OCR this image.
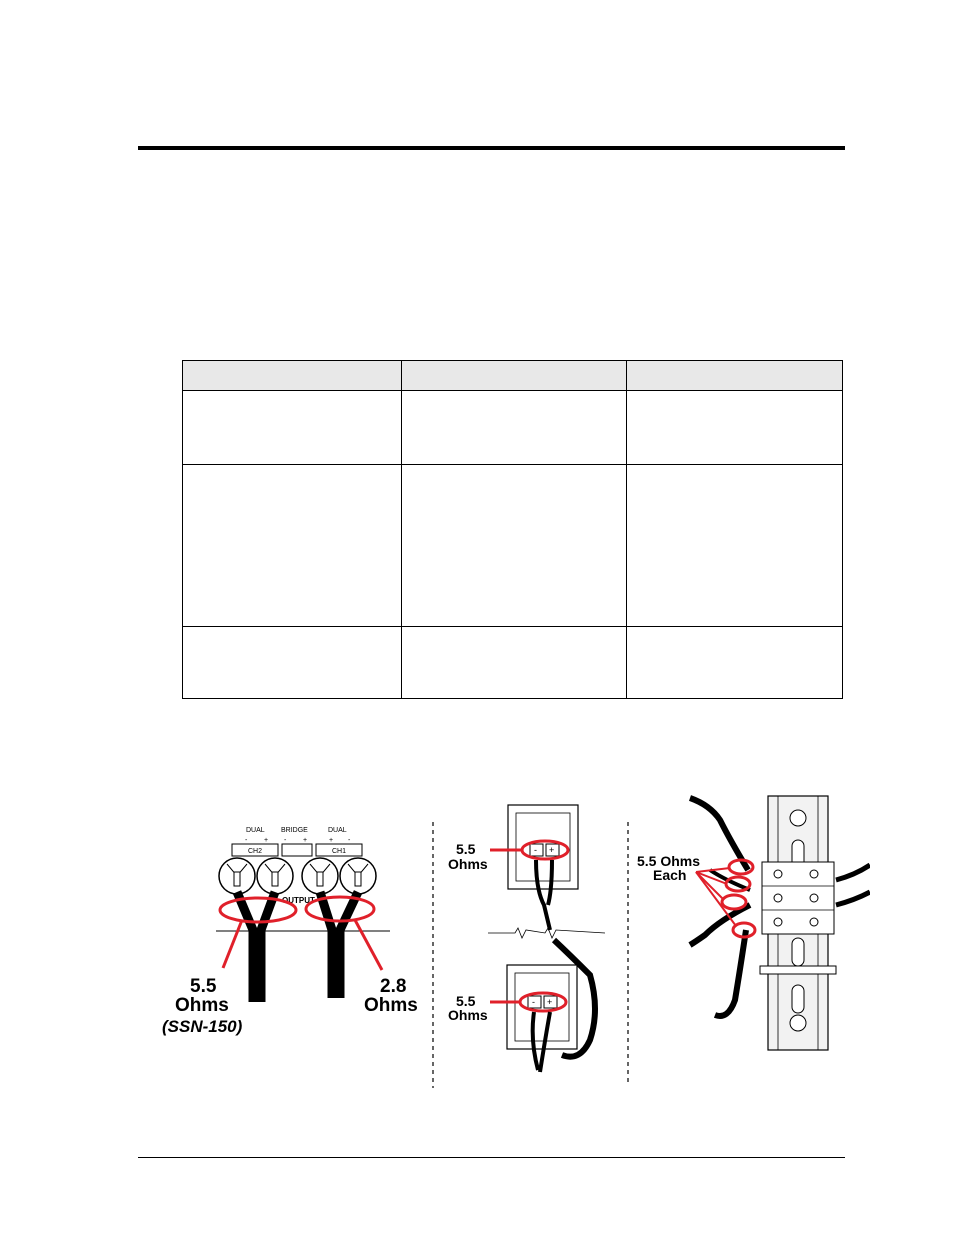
DUAL BRIDGE	DUAL
- + - +	+ -
CH2	CH1
OUTPUT
5.5
Ohms
(SSN-150)
2.8
Ohms
- +
5.5
Ohms
- +
5.5
Ohms
5.5 Ohms
Each
